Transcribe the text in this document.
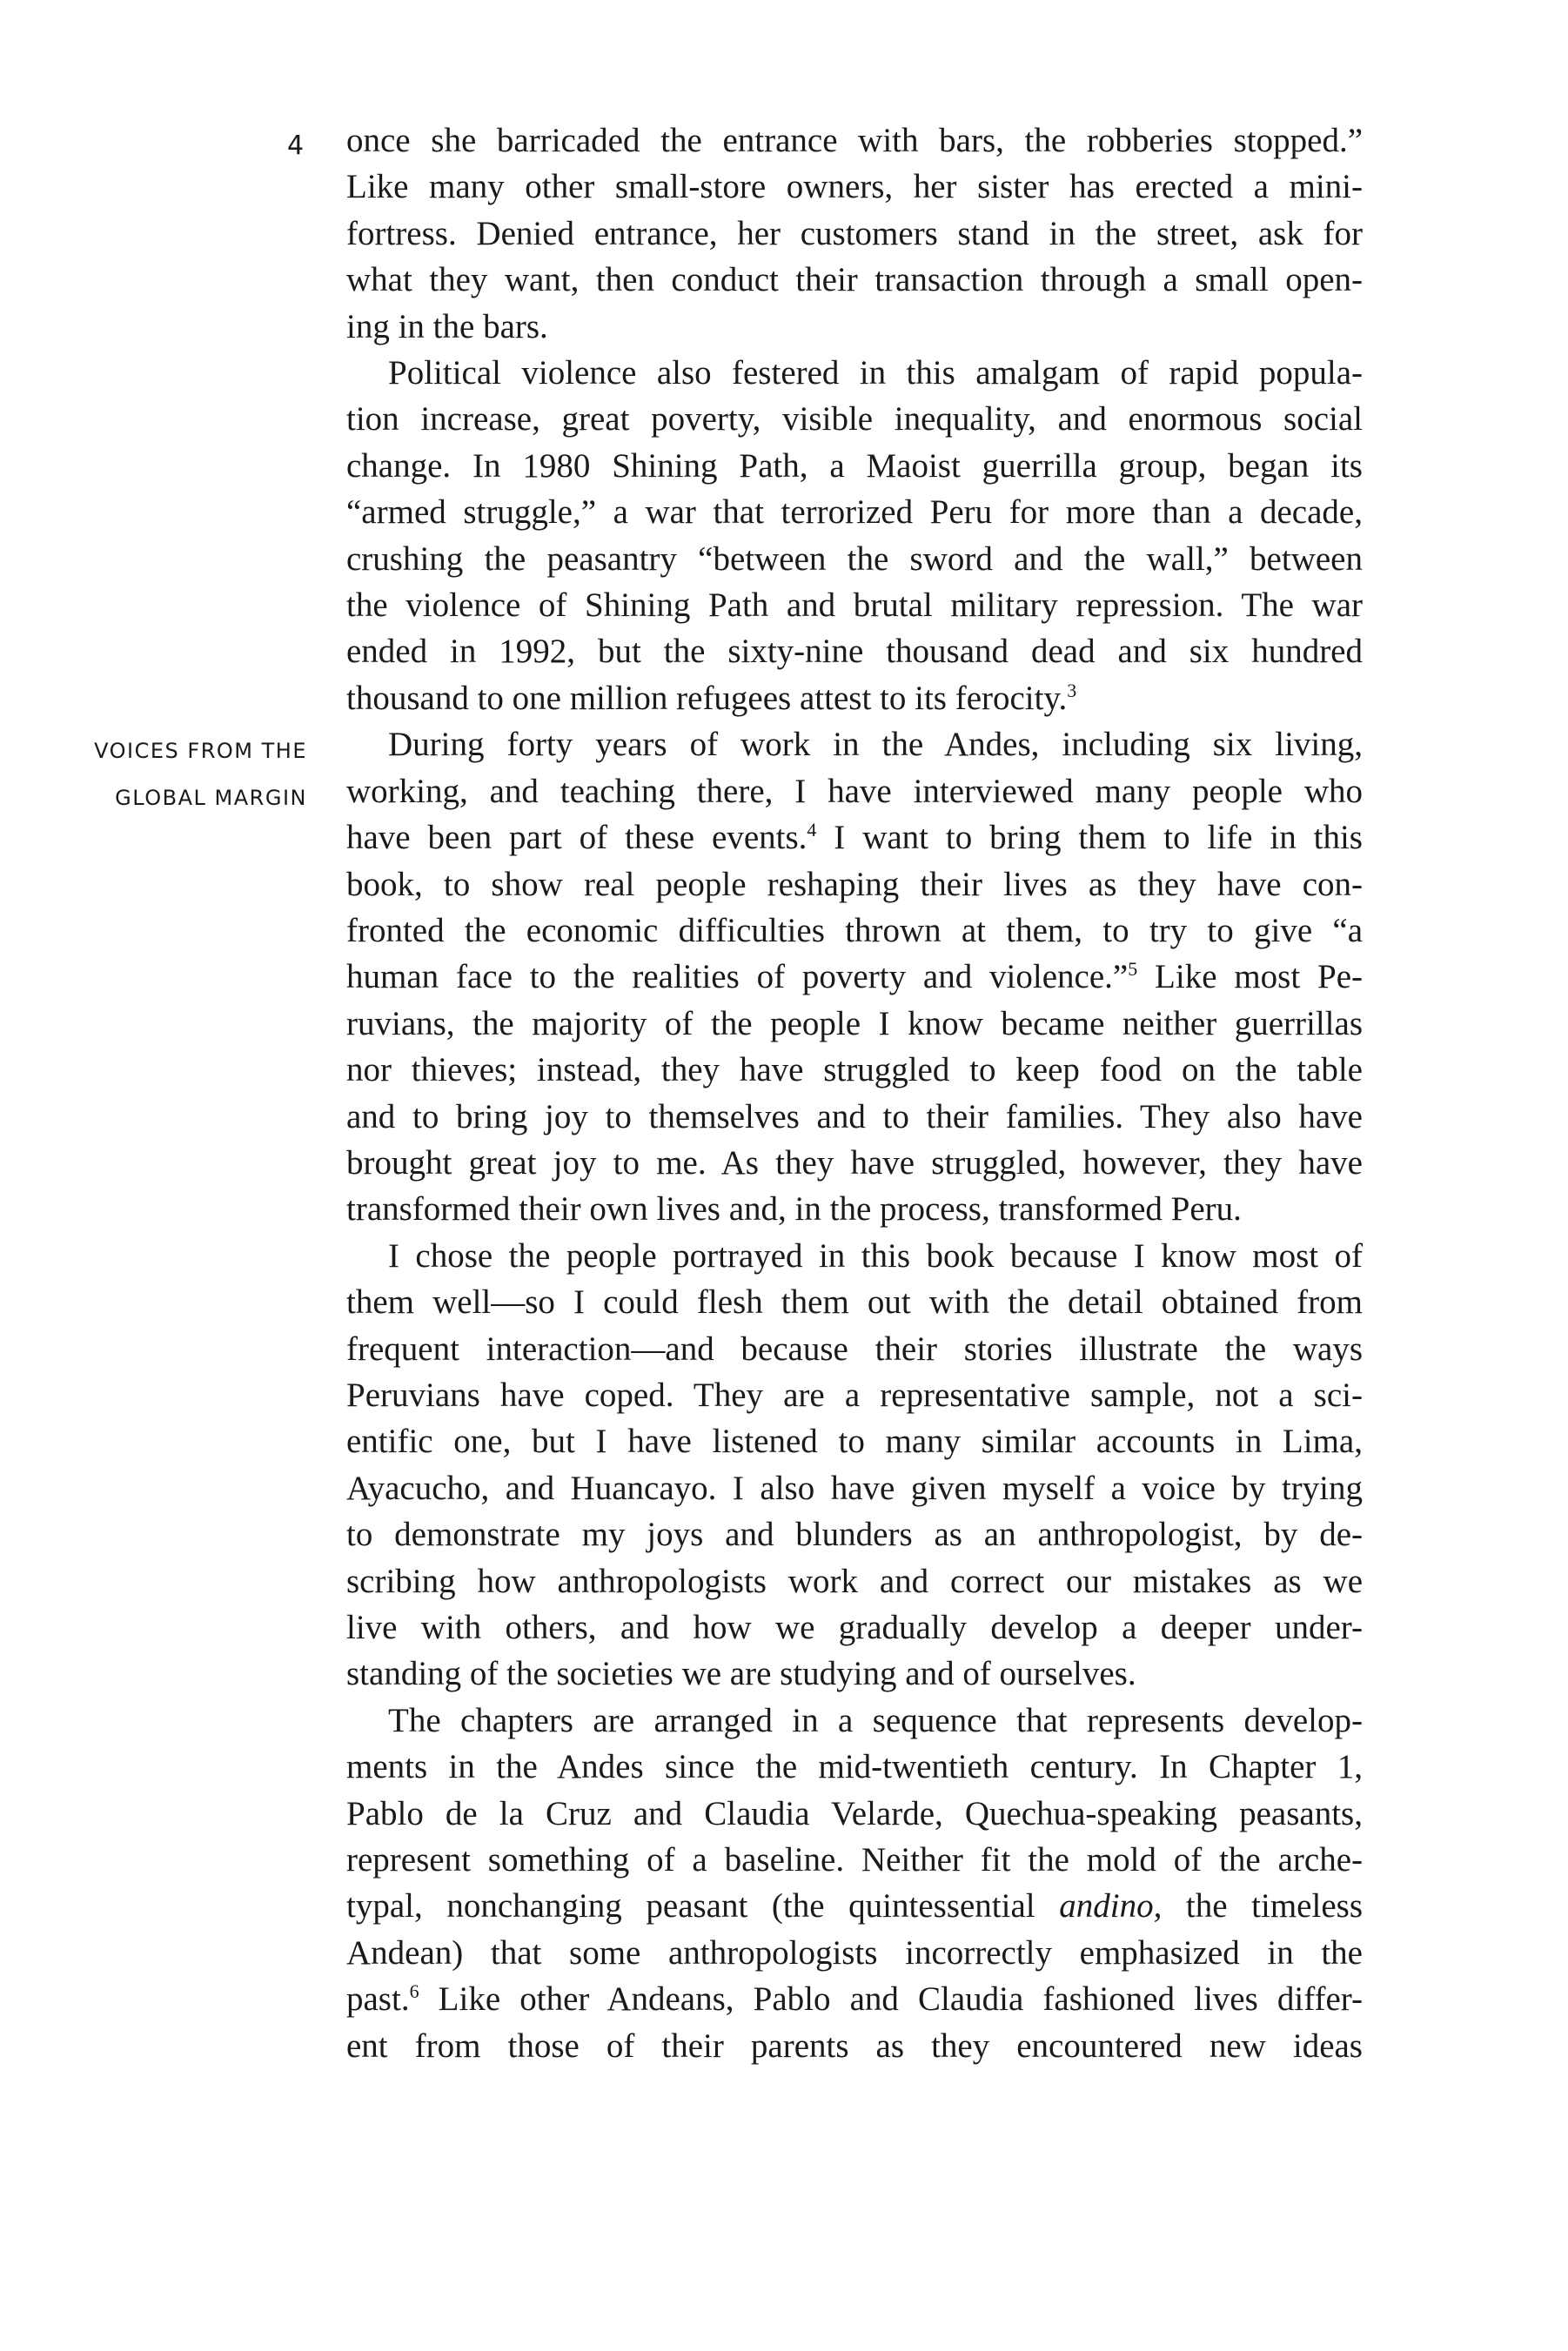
4
VOICES FROM THE
GLOBAL MARGIN
once she barricaded the entrance with bars, the robberies stopped.”
Like many other small-store owners, her sister has erected a mini-
fortress. Denied entrance, her customers stand in the street, ask for
what they want, then conduct their transaction through a small open-
ing in the bars.
Political violence also festered in this amalgam of rapid popula-
tion increase, great poverty, visible inequality, and enormous social
change. In 1980 Shining Path, a Maoist guerrilla group, began its
“armed struggle,” a war that terrorized Peru for more than a decade,
crushing the peasantry “between the sword and the wall,” between
the violence of Shining Path and brutal military repression. The war
ended in 1992, but the sixty-nine thousand dead and six hundred
thousand to one million refugees attest to its ferocity.$^3$
During forty years of work in the Andes, including six living,
working, and teaching there, I have interviewed many people who
have been part of these events.$^4$ I want to bring them to life in this
book, to show real people reshaping their lives as they have con-
fronted the economic difficulties thrown at them, to try to give “a
human face to the realities of poverty and violence.”$^5$ Like most Pe-
ruvians, the majority of the people I know became neither guerrillas
nor thieves; instead, they have struggled to keep food on the table
and to bring joy to themselves and to their families. They also have
brought great joy to me. As they have struggled, however, they have
transformed their own lives and, in the process, transformed Peru.
I chose the people portrayed in this book because I know most of
them well—so I could flesh them out with the detail obtained from
frequent interaction—and because their stories illustrate the ways
Peruvians have coped. They are a representative sample, not a sci-
entific one, but I have listened to many similar accounts in Lima,
Ayacucho, and Huancayo. I also have given myself a voice by trying
to demonstrate my joys and blunders as an anthropologist, by de-
scribing how anthropologists work and correct our mistakes as we
live with others, and how we gradually develop a deeper under-
standing of the societies we are studying and of ourselves.
The chapters are arranged in a sequence that represents develop-
ments in the Andes since the mid-twentieth century. In Chapter 1,
Pablo de la Cruz and Claudia Velarde, Quechua-speaking peasants,
represent something of a baseline. Neither fit the mold of the arche-
typal, nonchanging peasant (the quintessential andino, the timeless
Andean) that some anthropologists incorrectly emphasized in the
past.$^6$ Like other Andeans, Pablo and Claudia fashioned lives differ-
ent from those of their parents as they encountered new ideas
